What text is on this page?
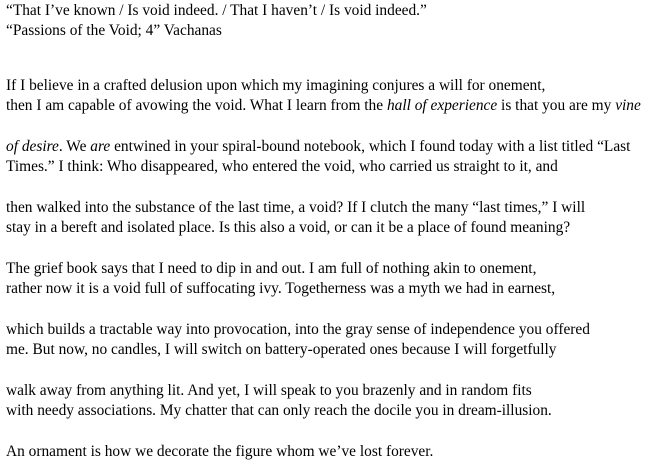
“That I’ve known / Is void indeed. / That I haven’t / Is void indeed.”

“Passions of the Void; 4” Vachanas

If I believe in a crafted delusion upon which my imagining conjures a will for onement,

then I am capable of avowing the void. What I learn from the hall of experience is that you are my vine

of desire. We are entwined in your spiral-bound notebook, which I found today with a list titled “Last

Times.” I think: Who disappeared, who entered the void, who carried us straight to it, and

then walked into the substance of the last time, a void? If I clutch the many “last times,” I will

stay in a bereft and isolated place. Is this also a void, or can it be a place of found meaning?

The grief book says that I need to dip in and out. I am full of nothing akin to onement,

rather now it is a void full of suffocating ivy. Togetherness was a myth we had in earnest,

which builds a tractable way into provocation, into the gray sense of independence you offered

me. But now, no candles, I will switch on battery-operated ones because I will forgetfully

walk away from anything lit. And yet, I will speak to you brazenly and in random fits

with needy associations. My chatter that can only reach the docile you in dream-illusion.

An ornament is how we decorate the figure whom we’ve lost forever.
